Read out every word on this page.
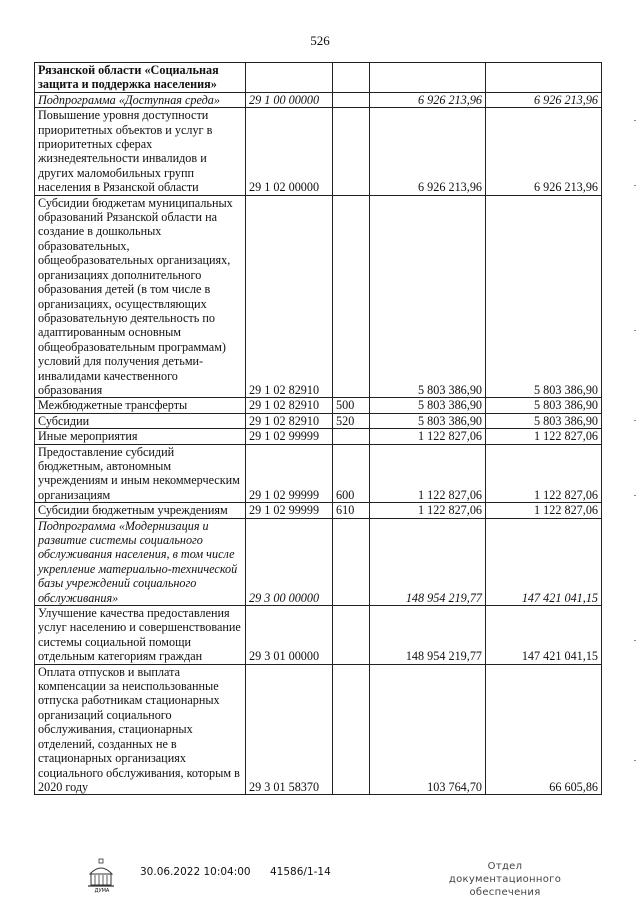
526
Рязанской области «Социальная защита и поддержка населения»				
Подпрограмма «Доступная среда»	29 1 00 00000		6 926 213,96	6 926 213,96
Повышение уровня доступности приоритетных объектов и услуг в приоритетных сферах жизнедеятельности инвалидов и других маломобильных групп населения в Рязанской области	29 1 02 00000		6 926 213,96	6 926 213,96
Субсидии бюджетам муниципальных образований Рязанской области на создание в дошкольных образовательных, общеобразовательных организациях, организациях дополнительного образования детей (в том числе в организациях, осуществляющих образовательную деятельность по адаптированным основным общеобразовательным программам) условий для получения детьми-инвалидами качественного образования	29 1 02 82910		5 803 386,90	5 803 386,90
Межбюджетные трансферты	29 1 02 82910	500	5 803 386,90	5 803 386,90
Субсидии	29 1 02 82910	520	5 803 386,90	5 803 386,90
Иные мероприятия	29 1 02 99999		1 122 827,06	1 122 827,06
Предоставление субсидий бюджетным, автономным учреждениям и иным некоммерческим организациям	29 1 02 99999	600	1 122 827,06	1 122 827,06
Субсидии бюджетным учреждениям	29 1 02 99999	610	1 122 827,06	1 122 827,06
Подпрограмма «Модернизация и развитие системы социального обслуживания населения, в том числе укрепление материально-технической базы учреждений социального обслуживания»	29 3 00 00000		148 954 219,77	147 421 041,15
Улучшение качества предоставления услуг населению и совершенствование системы социальной помощи отдельным категориям граждан	29 3 01 00000		148 954 219,77	147 421 041,15
Оплата отпусков и выплата компенсации за неиспользованные отпуска работникам стационарных организаций социального обслуживания, стационарных отделений, созданных не в стационарных организациях социального обслуживания, которым в 2020 году	29 3 01 58370		103 764,70	66 605,86
ДУМА
30.06.2022 10:04:00 41586/1-14	Отдел документационного обеспечения
